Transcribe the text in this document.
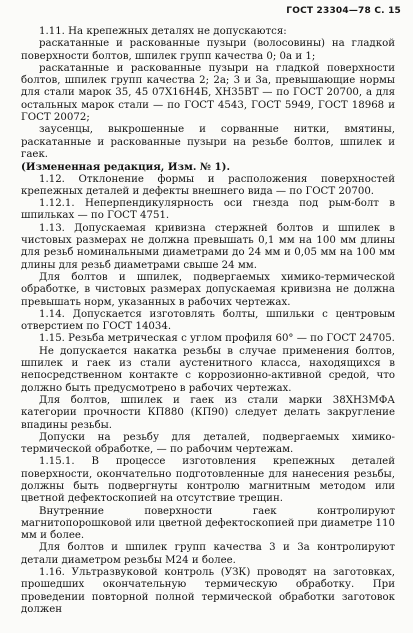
ГОСТ 23304—78 С. 15

1.11. На крепежных деталях не допускаются:

раскатанные и раскованные пузыри (волосовины) на гладкой поверхности болтов, шпилек групп качества 0; 0а и 1;

раскатанные и раскованные пузыри на гладкой поверхности болтов, шпилек групп качества 2; 2а; 3 и 3а, превышающие нормы для стали марок 35, 45 07Х16Н4Б, ХН35ВТ — по ГОСТ 20700, а для остальных марок стали — по ГОСТ 4543, ГОСТ 5949, ГОСТ 18968 и ГОСТ 20072;

заусенцы, выкрошенные и сорванные нитки, вмятины, раскатанные и раскованные пузыри на резьбе болтов, шпилек и гаек.

(Измененная редакция, Изм. № 1).

1.12. Отклонение формы и расположения поверхностей крепежных деталей и дефекты внешнего вида — по ГОСТ 20700.

1.12.1. Неперпендикулярность оси гнезда под рым-болт в шпильках — по ГОСТ 4751.

1.13. Допускаемая кривизна стержней болтов и шпилек в чистовых размерах не должна превышать 0,1 мм на 100 мм длины для резьб номинальными диаметрами до 24 мм и 0,05 мм на 100 мм длины для резьб диаметрами свыше 24 мм.

Для болтов и шпилек, подвергаемых химико-термической обработке, в чистовых размерах допускаемая кривизна не должна превышать норм, указанных в рабочих чертежах.

1.14. Допускается изготовлять болты, шпильки с центровым отверстием по ГОСТ 14034.

1.15. Резьба метрическая с углом профиля 60° — по ГОСТ 24705.

Не допускается накатка резьбы в случае применения болтов, шпилек и гаек из стали аустенитного класса, находящихся в непосредственном контакте с коррозионно-активной средой, что должно быть предусмотрено в рабочих чертежах.

Для болтов, шпилек и гаек из стали марки 38ХН3МФА категории прочности КП880 (КП90) следует делать закругление впадины резьбы.

Допуски на резьбу для деталей, подвергаемых химико-термической обработке, — по рабочим чертежам.

1.15.1. В процессе изготовления крепежных деталей поверхности, окончательно подготовленные для нанесения резьбы, должны быть подвергнуты контролю магнитным методом или цветной дефектоскопией на отсутствие трещин.

Внутренние поверхности гаек контролируют магнитопорошковой или цветной дефектоскопией при диаметре 110 мм и более.

Для болтов и шпилек групп качества 3 и 3а контролируют детали диаметром резьбы М24 и более.

1.16. Ультразвуковой контроль (УЗК) проводят на заготовках, прошедших окончательную термическую обработку. При проведении повторной полной термической обработки заготовок должен
